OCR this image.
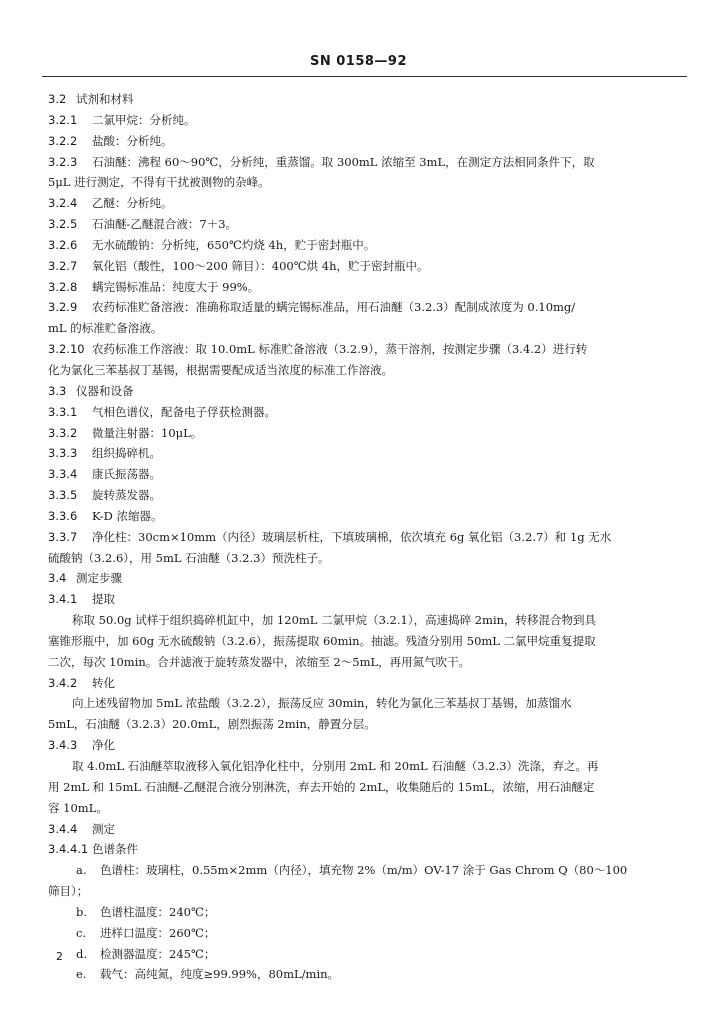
SN 0158—92
3.2 试剂和材料
3.2.1 二氯甲烷：分析纯。
3.2.2 盐酸：分析纯。
3.2.3 石油醚：沸程 60～90℃，分析纯，重蒸馏。取 300mL 浓缩至 3mL，在测定方法相同条件下，取
5μL 进行测定，不得有干扰被测物的杂峰。
3.2.4 乙醚：分析纯。
3.2.5 石油醚-乙醚混合液：7＋3。
3.2.6 无水硫酸钠：分析纯，650℃灼烧 4h，贮于密封瓶中。
3.2.7 氧化铝（酸性，100～200 筛目）：400℃烘 4h，贮于密封瓶中。
3.2.8 螨完锡标准品：纯度大于 99%。
3.2.9 农药标准贮备溶液：准确称取适量的螨完锡标准品，用石油醚（3.2.3）配制成浓度为 0.10mg/
mL 的标准贮备溶液。
3.2.10 农药标准工作溶液：取 10.0mL 标准贮备溶液（3.2.9），蒸干溶剂，按测定步骤（3.4.2）进行转
化为氯化三苯基叔丁基锡，根据需要配成适当浓度的标准工作溶液。
3.3 仪器和设备
3.3.1 气相色谱仪，配备电子俘获检测器。
3.3.2 微量注射器：10μL。
3.3.3 组织捣碎机。
3.3.4 康氏振荡器。
3.3.5 旋转蒸发器。
3.3.6 K-D 浓缩器。
3.3.7 净化柱：30cm×10mm（内径）玻璃层析柱，下填玻璃棉，依次填充 6g 氧化铝（3.2.7）和 1g 无水
硫酸钠（3.2.6），用 5mL 石油醚（3.2.3）预洗柱子。
3.4 测定步骤
3.4.1 提取
称取 50.0g 试样于组织捣碎机缸中，加 120mL 二氯甲烷（3.2.1），高速捣碎 2min，转移混合物到具
塞锥形瓶中，加 60g 无水硫酸钠（3.2.6），振荡提取 60min。抽滤。残渣分别用 50mL 二氯甲烷重复提取
二次，每次 10min。合并滤液于旋转蒸发器中，浓缩至 2～5mL，再用氮气吹干。
3.4.2 转化
向上述残留物加 5mL 浓盐酸（3.2.2），振荡反应 30min，转化为氯化三苯基叔丁基锡，加蒸馏水
5mL，石油醚（3.2.3）20.0mL，剧烈振荡 2min，静置分层。
3.4.3 净化
取 4.0mL 石油醚萃取液移入氧化铝净化柱中，分别用 2mL 和 20mL 石油醚（3.2.3）洗涤，弃之。再
用 2mL 和 15mL 石油醚-乙醚混合液分别淋洗，弃去开始的 2mL，收集随后的 15mL，浓缩，用石油醚定
容 10mL。
3.4.4 测定
3.4.4.1 色谱条件
a. 色谱柱：玻璃柱，0.55m×2mm（内径），填充物 2%（m/m）OV-17 涂于 Gas Chrom Q（80～100
筛目）；
b. 色谱柱温度：240℃；
c. 进样口温度：260℃；
d. 检测器温度：245℃；
e. 载气：高纯氮，纯度≥99.99%，80mL/min。
2
